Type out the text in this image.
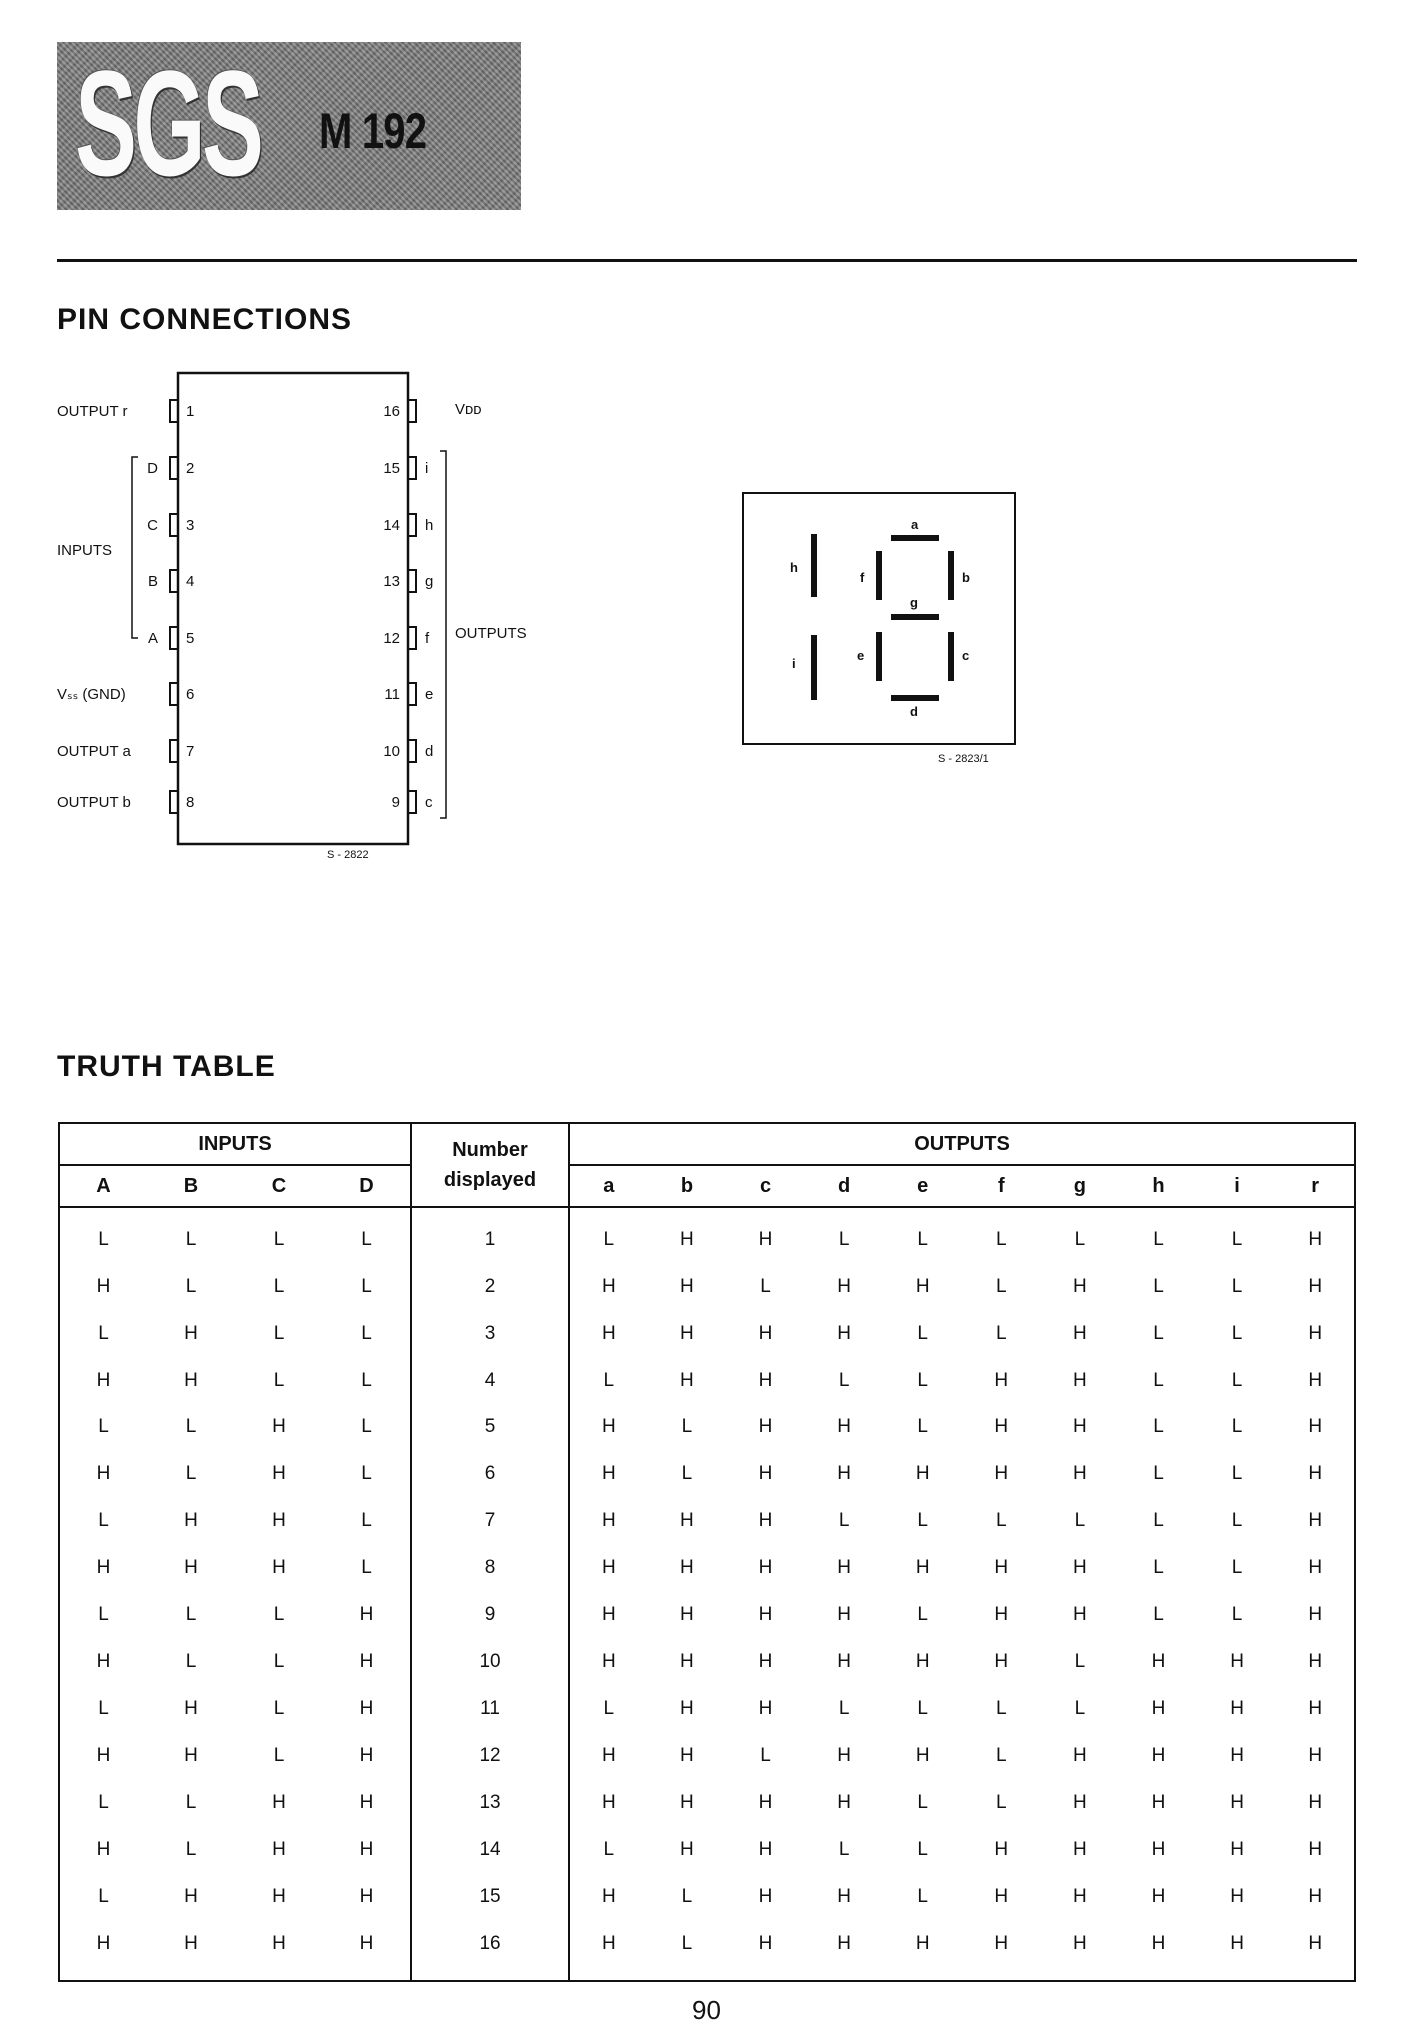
SGS M 192
PIN CONNECTIONS
1
OUTPUT r
2
D
3
C
4
B
5
A
6
Vₛₛ (GND)
7
OUTPUT a
8
OUTPUT b
16	Vᴅᴅ
15 i
14 h
13 g
12 f
11 e
10 d
9 c
INPUTS
OUTPUTS
S - 2822
a
b
c
d
e
f
g
h
i
S - 2823/1
TRUTH TABLE
INPUTS				Number
displayed	OUTPUTS									
A	B	C	D		a	b	c	d	e	f	g	h	i	r

L	L	L	L	1	L	H	H	L	L	L	L	L	L	H
H	L	L	L	2	H	H	L	H	H	L	H	L	L	H
L	H	L	L	3	H	H	H	H	L	L	H	L	L	H
H	H	L	L	4	L	H	H	L	L	H	H	L	L	H
L	L	H	L	5	H	L	H	H	L	H	H	L	L	H
H	L	H	L	6	H	L	H	H	H	H	H	L	L	H
L	H	H	L	7	H	H	H	L	L	L	L	L	L	H
H	H	H	L	8	H	H	H	H	H	H	H	L	L	H
L	L	L	H	9	H	H	H	H	L	H	H	L	L	H
H	L	L	H	10	H	H	H	H	H	H	L	H	H	H
L	H	L	H	11	L	H	H	L	L	L	L	H	H	H
H	H	L	H	12	H	H	L	H	H	L	H	H	H	H
L	L	H	H	13	H	H	H	H	L	L	H	H	H	H
H	L	H	H	14	L	H	H	L	L	H	H	H	H	H
L	H	H	H	15	H	L	H	H	L	H	H	H	H	H
H	H	H	H	16	H	L	H	H	H	H	H	H	H	H

90
